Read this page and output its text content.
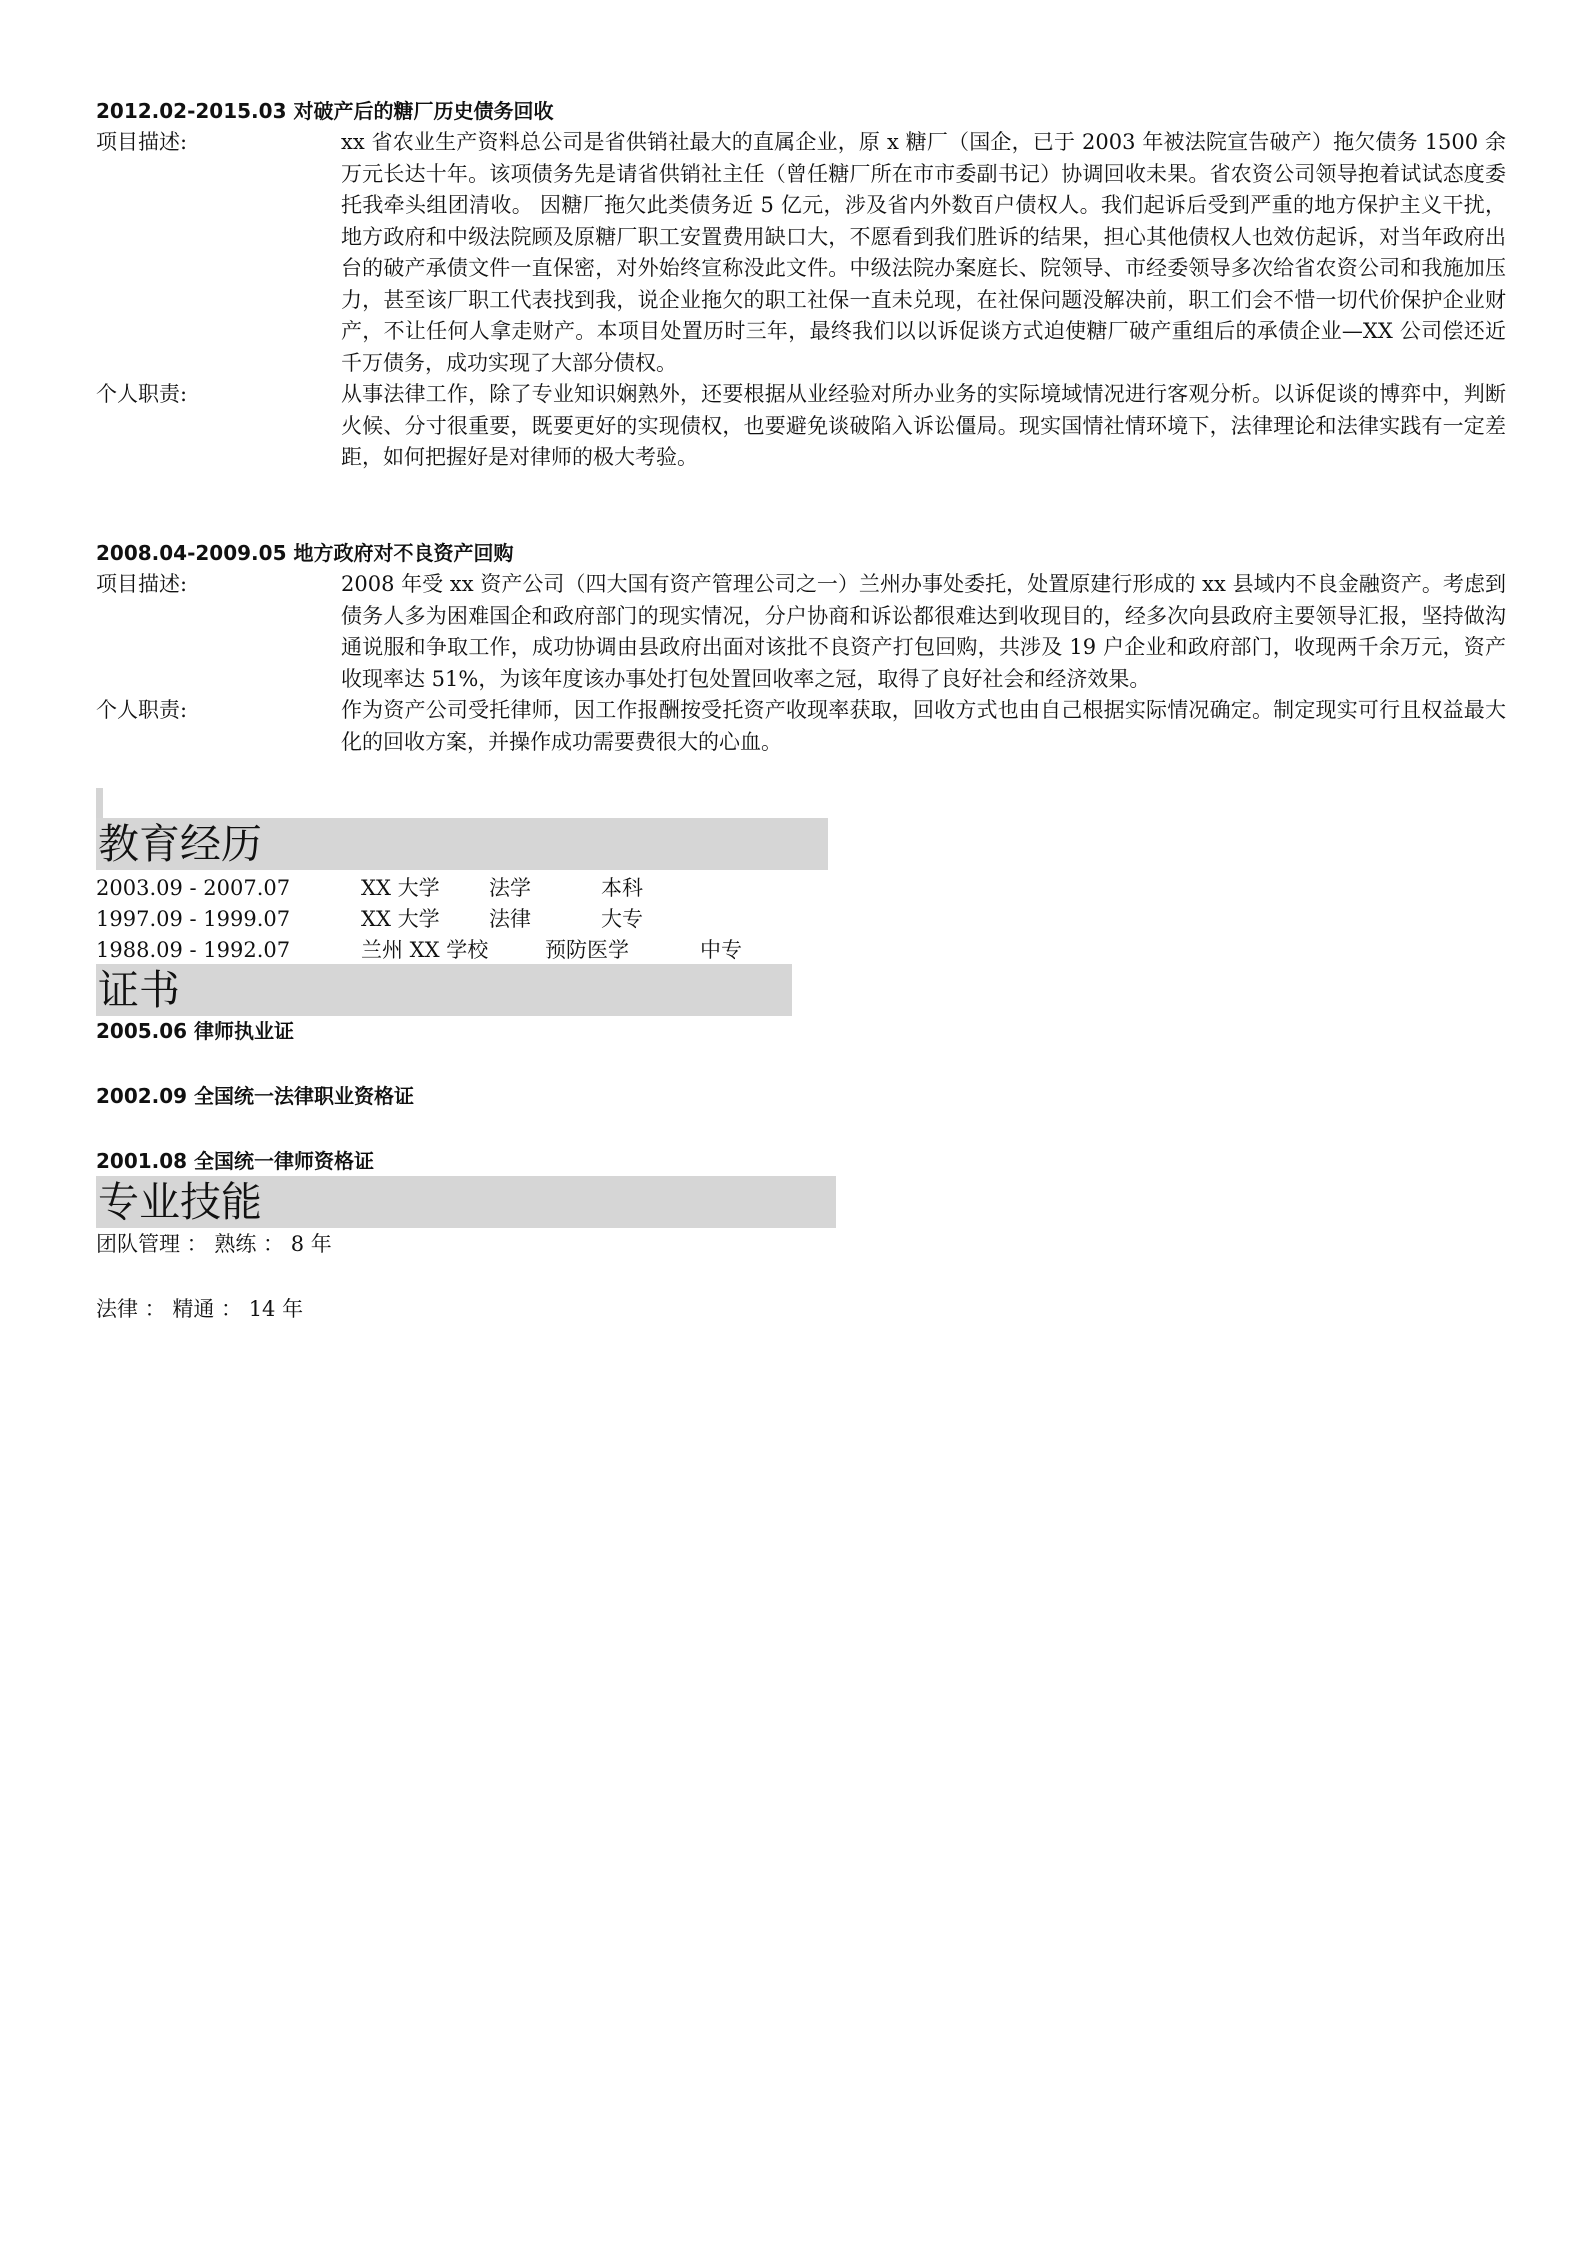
2012.02-2015.03 对破产后的糖厂历史债务回收
项目描述:	xx 省农业生产资料总公司是省供销社最大的直属企业，原 x 糖厂（国企，已于 2003 年被法院宣告破产）拖欠债务 1500 余万元长达十年。该项债务先是请省供销社主任（曾任糖厂所在市市委副书记）协调回收未果。省农资公司领导抱着试试态度委托我牵头组团清收。 因糖厂拖欠此类债务近 5 亿元，涉及省内外数百户债权人。我们起诉后受到严重的地方保护主义干扰，地方政府和中级法院顾及原糖厂职工安置费用缺口大，不愿看到我们胜诉的结果，担心其他债权人也效仿起诉，对当年政府出台的破产承债文件一直保密，对外始终宣称没此文件。中级法院办案庭长、院领导、市经委领导多次给省农资公司和我施加压力，甚至该厂职工代表找到我，说企业拖欠的职工社保一直未兑现，在社保问题没解决前，职工们会不惜一切代价保护企业财产，不让任何人拿走财产。本项目处置历时三年，最终我们以以诉促谈方式迫使糖厂破产重组后的承债企业—XX 公司偿还近千万债务，成功实现了大部分债权。
个人职责:	从事法律工作，除了专业知识娴熟外，还要根据从业经验对所办业务的实际境域情况进行客观分析。以诉促谈的博弈中，判断火候、分寸很重要，既要更好的实现债权，也要避免谈破陷入诉讼僵局。现实国情社情环境下，法律理论和法律实践有一定差距，如何把握好是对律师的极大考验。
2008.04-2009.05 地方政府对不良资产回购
项目描述:	2008 年受 xx 资产公司（四大国有资产管理公司之一）兰州办事处委托，处置原建行形成的 xx 县域内不良金融资产。考虑到债务人多为困难国企和政府部门的现实情况，分户协商和诉讼都很难达到收现目的，经多次向县政府主要领导汇报，坚持做沟通说服和争取工作，成功协调由县政府出面对该批不良资产打包回购，共涉及 19 户企业和政府部门，收现两千余万元，资产收现率达 51%，为该年度该办事处打包处置回收率之冠，取得了良好社会和经济效果。
个人职责:	作为资产公司受托律师，因工作报酬按受托资产收现率获取，回收方式也由自己根据实际情况确定。制定现实可行且权益最大化的回收方案，并操作成功需要费很大的心血。
教育经历
2003.09 - 2007.07	XX 大学 法学	本科
1997.09 - 1999.07	XX 大学 法律	大专
1988.09 - 1992.07	兰州 XX 学校	预防医学	中专
证书
2005.06 律师执业证
2002.09 全国统一法律职业资格证
2001.08 全国统一律师资格证
专业技能
团队管理 ： 熟练 ： 8 年
法律 ： 精通 ： 14 年
